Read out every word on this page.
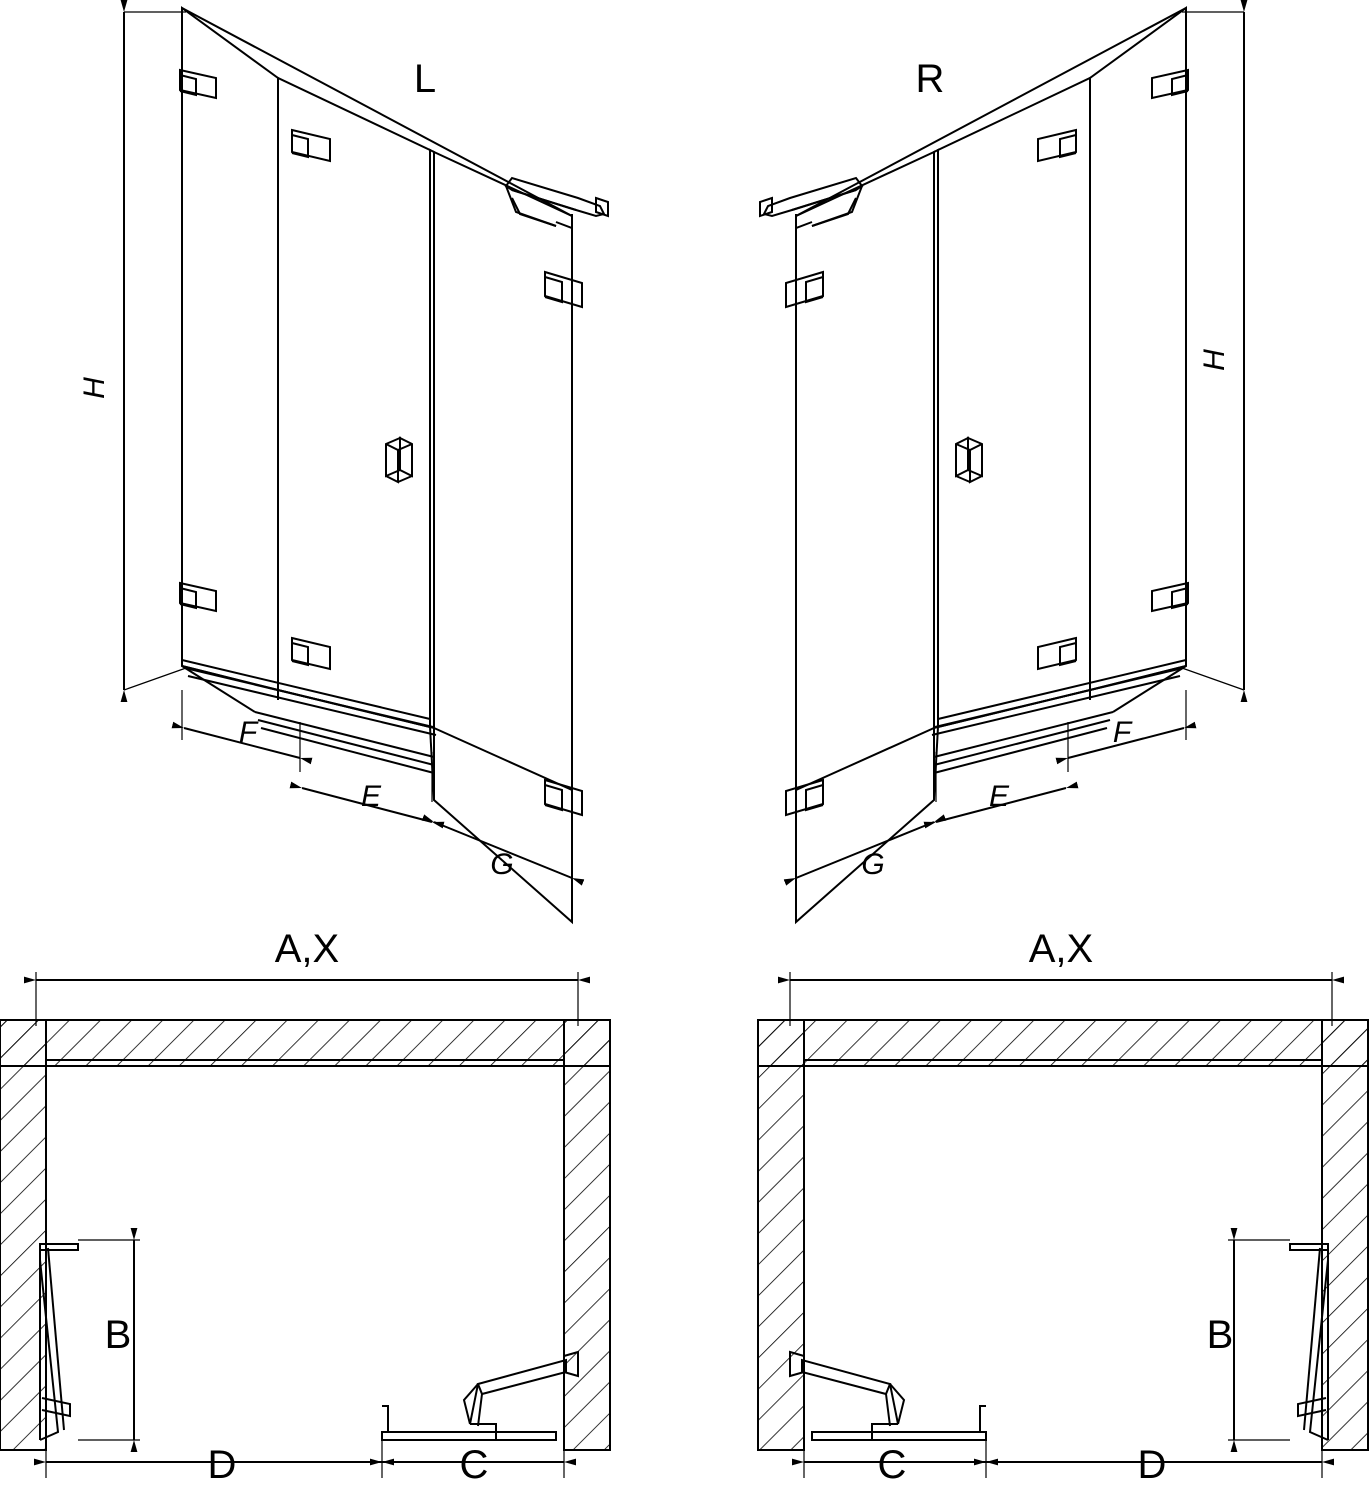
L	R
H
H
F
E
G
F
E
G
A,X	A,X
B	B
D	C	C	D
